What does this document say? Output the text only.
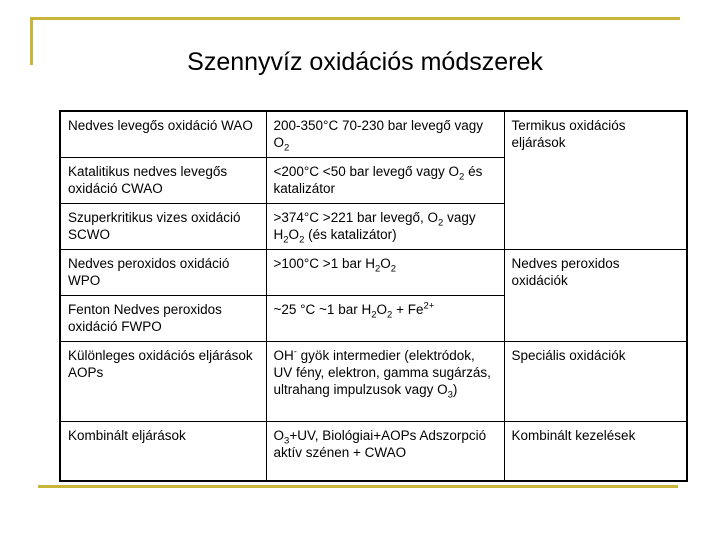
Szennyvíz oxidációs módszerek
Nedves levegős oxidáció WAO	200-350°C 70-230 bar levegő vagy $O_2$	Termikus oxidációs eljárások
Katalitikus nedves levegős oxidáció CWAO	<200°C <50 bar levegő vagy $O_2$ és katalizátor	
Szuperkritikus vizes oxidáció SCWO	>374°C >221 bar levegő, $O_2$ vagy $H_2O_2$ (és katalizátor)	
Nedves peroxidos oxidáció WPO	>100°C >1 bar $H_2O_2$	Nedves peroxidos oxidációk
Fenton Nedves peroxidos oxidáció FWPO	~25 °C ~1 bar $H_2O_2 + Fe^{2+}$
Különleges oxidációs eljárások AOPs	OH- gyök intermedier (elektródok, UV fény, elektron, gamma sugárzás, ultrahang impulzusok vagy $O_3$)	Speciális oxidációk
Kombinált eljárások	$O_3+UV$, Biológiai+AOPs Adszorpció aktív szénen + CWAO	Kombinált kezelések
